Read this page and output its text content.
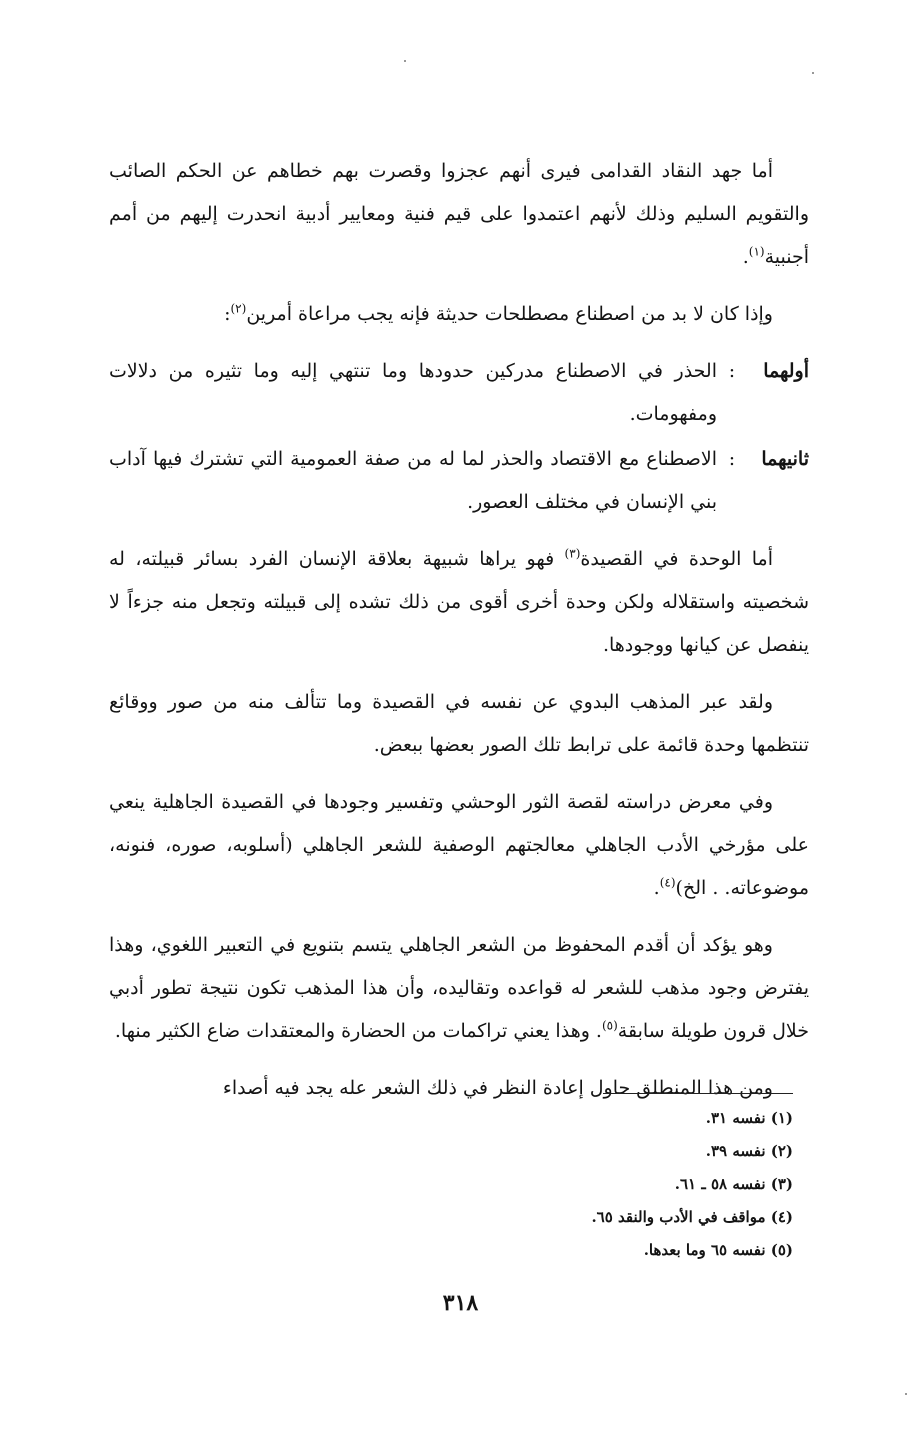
أما جهد النقاد القدامى فيرى أنهم عجزوا وقصرت بهم خطاهم عن الحكم الصائب والتقويم السليم وذلك لأنهم اعتمدوا على قيم فنية ومعايير أدبية انحدرت إليهم من أمم أجنبية$^{(١)}$.

وإذا كان لا بد من اصطناع مصطلحات حديثة فإنه يجب مراعاة أمرين$^{(٢)}$:

أولهما
:
الحذر في الاصطناع مدركين حدودها وما تنتهي إليه وما تثيره من دلالات ومفهومات.
ثانيهما
:
الاصطناع مع الاقتصاد والحذر لما له من صفة العمومية التي تشترك فيها آداب بني الإنسان في مختلف العصور.

أما الوحدة في القصيدة$^{(٣)}$ فهو يراها شبيهة بعلاقة الإنسان الفرد بسائر قبيلته، له شخصيته واستقلاله ولكن وحدة أخرى أقوى من ذلك تشده إلى قبيلته وتجعل منه جزءاً لا ينفصل عن كيانها ووجودها.

ولقد عبر المذهب البدوي عن نفسه في القصيدة وما تتألف منه من صور ووقائع تنتظمها وحدة قائمة على ترابط تلك الصور بعضها ببعض.

وفي معرض دراسته لقصة الثور الوحشي وتفسير وجودها في القصيدة الجاهلية ينعي على مؤرخي الأدب الجاهلي معالجتهم الوصفية للشعر الجاهلي (أسلوبه، صوره، فنونه، موضوعاته. . الخ)$^{(٤)}$.

وهو يؤكد أن أقدم المحفوظ من الشعر الجاهلي يتسم بتنويع في التعبير اللغوي، وهذا يفترض وجود مذهب للشعر له قواعده وتقاليده، وأن هذا المذهب تكون نتيجة تطور أدبي خلال قرون طويلة سابقة$^{(٥)}$. وهذا يعني تراكمات من الحضارة والمعتقدات ضاع الكثير منها.

ومن هذا المنطلق حاول إعادة النظر في ذلك الشعر عله يجد فيه أصداء

(١) نفسه ٣١.
(٢) نفسه ٣٩.
(٣) نفسه ٥٨ ـ ٦١.
(٤) مواقف في الأدب والنقد ٦٥.
(٥) نفسه ٦٥ وما بعدها.
٣١٨
